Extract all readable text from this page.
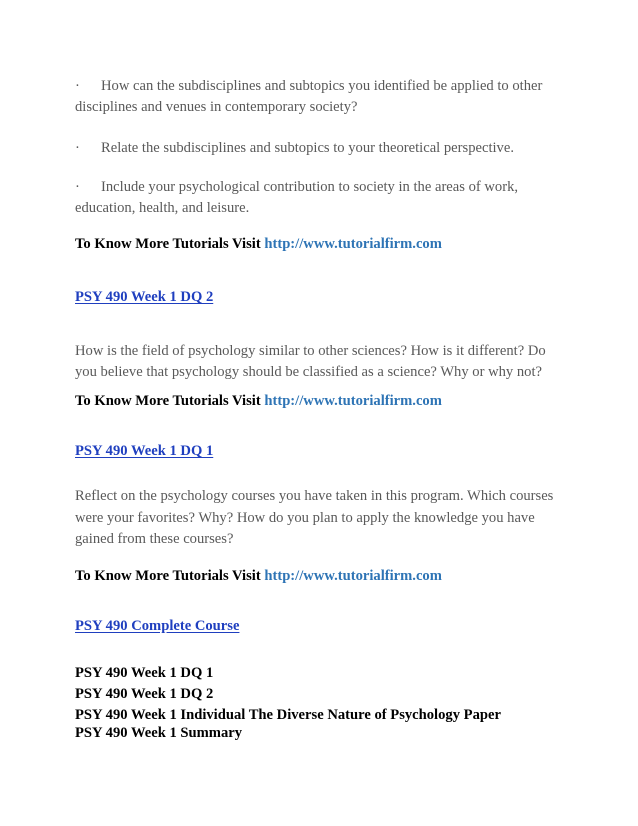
· How can the subdisciplines and subtopics you identified be applied to other

disciplines and venues in contemporary society?

· Relate the subdisciplines and subtopics to your theoretical perspective.

· Include your psychological contribution to society in the areas of work,

education, health, and leisure.

To Know More Tutorials Visit http://www.tutorialfirm.com

PSY 490 Week 1 DQ 2

How is the field of psychology similar to other sciences? How is it different? Do

you believe that psychology should be classified as a science? Why or why not?

To Know More Tutorials Visit http://www.tutorialfirm.com

PSY 490 Week 1 DQ 1

Reflect on the psychology courses you have taken in this program. Which courses

were your favorites? Why? How do you plan to apply the knowledge you have

gained from these courses?

To Know More Tutorials Visit http://www.tutorialfirm.com

PSY 490 Complete Course

PSY 490 Week 1 DQ 1

PSY 490 Week 1 DQ 2

PSY 490 Week 1 Individual The Diverse Nature of Psychology Paper

PSY 490 Week 1 Summary
